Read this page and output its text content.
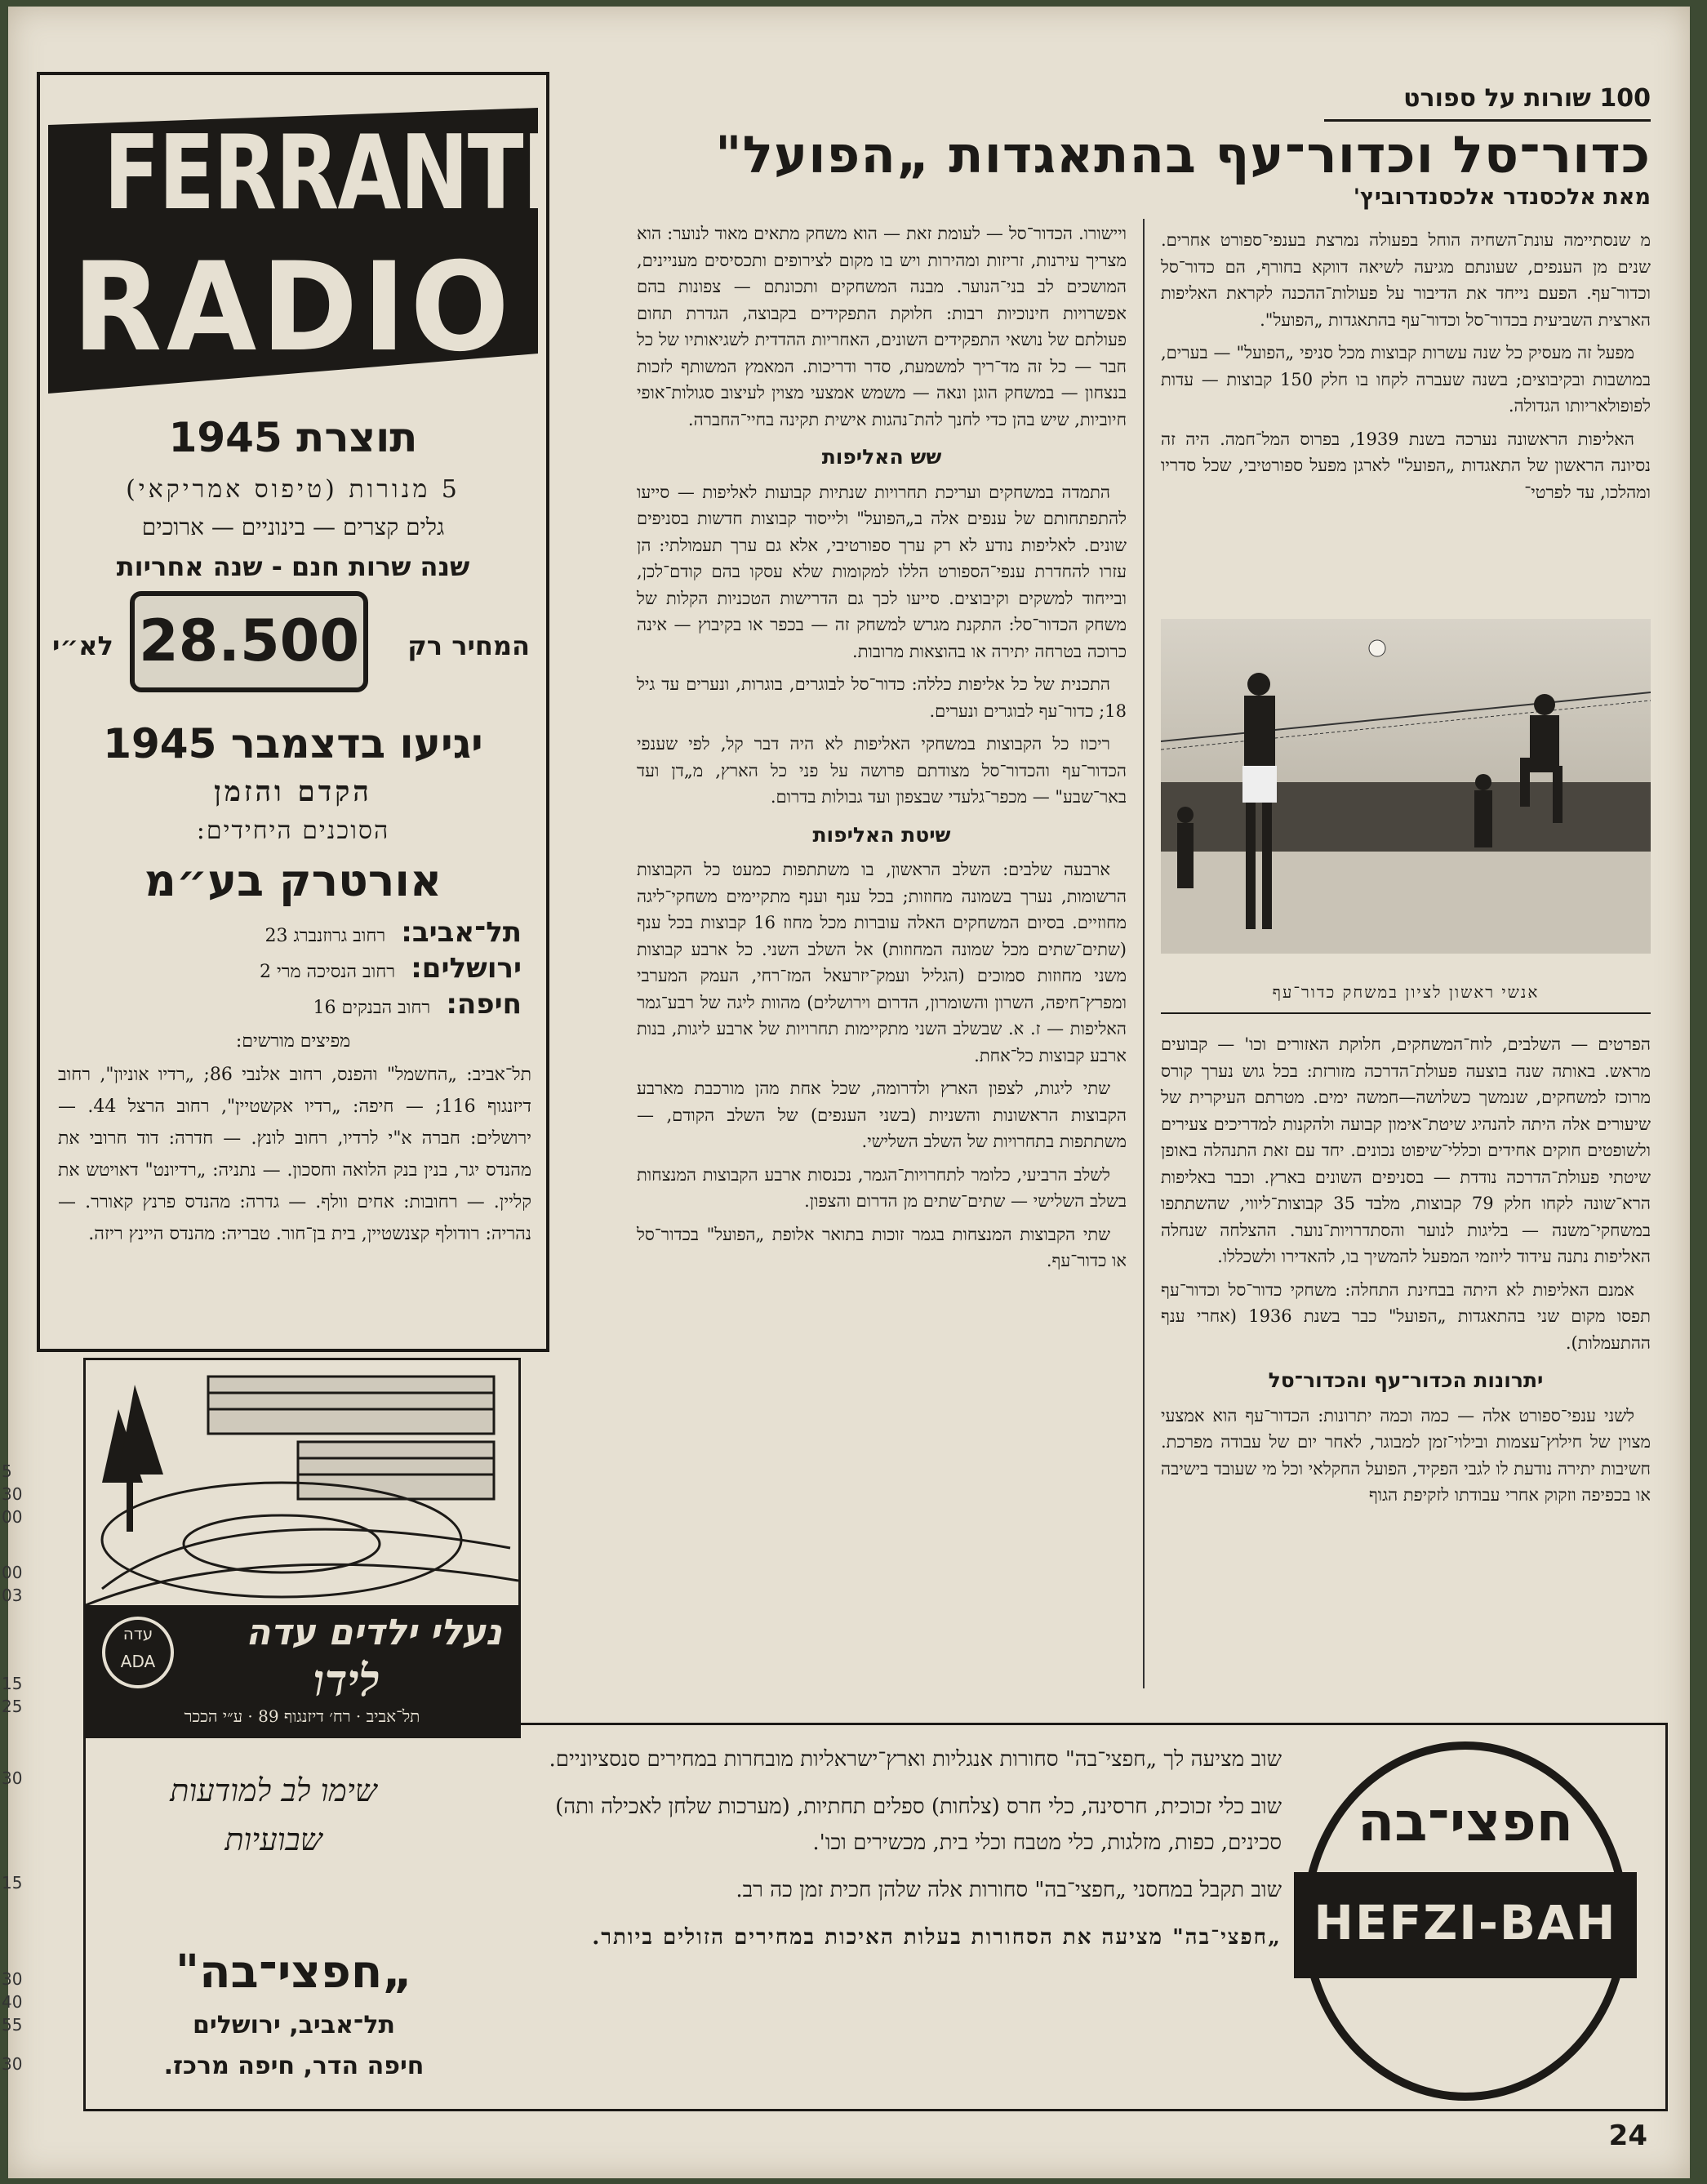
5
30
00
00
03
15
25
30
15
30
40
55
30
100 שורות על ספורט
כדור־סל וכדור־עף בהתאגדות „הפועל"
מאת אלכסנדר אלכסנדרוביץ'

מ שנסתיימה עונת־השחיה הוחל בפעולה נמרצת בענפי־ספורט אחרים. שנים מן הענפים, שעונתם מגיעה לשיאה דווקא בחורף, הם כדור־סל וכדור־עף. הפעם נייחד את הדיבור על פעולות־ההכנה לקראת האליפות הארצית השביעית בכדור־סל וכדור־עף בהתאגדות „הפועל".

מפעל זה מעסיק כל שנה עשרות קבוצות מכל סניפי „הפועל" — בערים, במושבות ובקיבוצים; בשנה שעברה לקחו בו חלק 150 קבוצות — עדות לפופולאריותו הגדולה.

האליפות הראשונה נערכה בשנת 1939, בפרוס המל־חמה. היה זה נסיונה הראשון של התאגדות „הפועל" לארגן מפעל ספורטיבי, שכל סדריו ומהלכו, עד לפרטי־

אנשי ראשון לציון במשחק כדור־עף

הפרטים — השלבים, לוח־המשחקים, חלוקת האזורים וכו' — קבועים מראש. באותה שנה בוצעה פעולת־הדרכה מזורזת: בכל גוש נערך קורס מרוכז למשחקים, שנמשך כשלושה—חמשה ימים. מטרתם העיקרית של שיעורים אלה היתה להנהיג שיטת־אימון קבועה ולהקנות למדריכים צעירים ולשופטים חוקים אחידים וכללי־שיפוט נכונים. יחד עם זאת התנהלה באופן שיטתי פעולת־הדרכה נודדת — בסניפים השונים בארץ. וכבר באליפות הרא־שונה לקחו חלק 79 קבוצות, מלבד 35 קבוצות־ליווי, שהשתתפו במשחקי־משנה — בליגות לנוער והסתדרויות־נוער. ההצלחה שנחלה האליפות נתנה עידוד ליוזמי המפעל להמשיך בו, להאדירו ולשכללו.

אמנם האליפות לא היתה בבחינת התחלה: משחקי כדור־סל וכדור־עף תפסו מקום שני בהתאגדות „הפועל" כבר בשנת 1936 (אחרי ענף ההתעמלות).

יתרונות הכדור־עף והכדור־סל

לשני ענפי־ספורט אלה — כמה וכמה יתרונות: הכדור־עף הוא אמצעי מצוין של חילוץ־עצמות ובילוי־זמן למבוגר, לאחר יום של עבודה מפרכת. חשיבות יתירה נודעת לו לגבי הפקיד, הפועל החקלאי וכל מי שעובד בישיבה או בכפיפה וזקוק אחרי עבודתו לזקיפת הגוף

ויישורו. הכדור־סל — לעומת זאת — הוא משחק מתאים מאוד לנוער: הוא מצריך עירנות, זריזות ומהירות ויש בו מקום לצירופים ותכסיסים מעניינים, המושכים לב בני־הנוער. מבנה המשחקים ותכונתם — צפונות בהם אפשרויות חינוכיות רבות: חלוקת התפקידים בקבוצה, הגדרת תחום פעולתם של נושאי התפקידים השונים, האחריות ההדדית לשגיאותיו של כל חבר — כל זה מד־ריך למשמעת, סדר ודריכות. המאמץ המשותף לזכות בנצחון — במשחק הוגן ונאה — משמש אמצעי מצוין לעיצוב סגולות־אופי חיוביות, שיש בהן כדי לחנך להת־נהגות אישית תקינה בחיי־החברה.

שש האליפות

התמדה במשחקים ועריכת תחרויות שנתיות קבועות לאליפות — סייעו להתפתחותם של ענפים אלה ב„הפועל" ולייסוד קבוצות חדשות בסניפים שונים. לאליפות נודע לא רק ערך ספורטיבי, אלא גם ערך תעמולתי: הן עזרו להחדרת ענפי־הספורט הללו למקומות שלא עסקו בהם קודם־לכן, ובייחוד למשקים וקיבוצים. סייעו לכך גם הדרישות הטכניות הקלות של משחק הכדור־סל: התקנת מגרש למשחק זה — בכפר או בקיבוץ — אינה כרוכה בטרחה יתירה או בהוצאות מרובות.

התכנית של כל אליפות כללה: כדור־סל לבוגרים, בוגרות, ונערים עד גיל 18; כדור־עף לבוגרים ונערים.

ריכוז כל הקבוצות במשחקי האליפות לא היה דבר קל, לפי שענפי הכדור־עף והכדור־סל מצודתם פרושה על פני כל הארץ, מ„דן ועד באר־שבע" — מכפר־גלעדי שבצפון ועד גבולות בדרום.

שיטת האליפות

ארבעה שלבים: השלב הראשון, בו משתתפות כמעט כל הקבוצות הרשומות, נערך בשמונה מחוזות; בכל ענף וענף מתקיימים משחקי־ליגה מחוזיים. בסיום המשחקים האלה עוברות מכל מחוז 16 קבוצות בכל ענף (שתים־שתים מכל שמונה המחוזות) אל השלב השני. כל ארבע קבוצות משני מחוזות סמוכים (הגליל ועמק־יזרעאל המז־רחי, העמק המערבי ומפרץ־חיפה, השרון והשומרון, הדרום וירושלים) מהוות ליגה של רבע־גמר האליפות — ז. א. שבשלב השני מתקיימות תחרויות של ארבע ליגות, בנות ארבע קבוצות כל־אחת.

שתי ליגות, לצפון הארץ ולדרומה, שכל אחת מהן מורכבת מארבע הקבוצות הראשונות והשניות (בשני הענפים) של השלב הקודם, — משתתפות בתחרויות של השלב השלישי.

לשלב הרביעי, כלומר לתחרויות־הגמר, נכנסות ארבע הקבוצות המנצחות בשלב השלישי — שתים־שתים מן הדרום והצפון.

שתי הקבוצות המנצחות בגמר זוכות בתואר אלופת „הפועל" בכדור־סל או כדור־עף.

FERRANTI
RADIO
תוצרת 1945
5 מנורות (טיפוס אמריקאי)
גלים קצרים — בינוניים — ארוכים
שנה שרות חנם - שנה אחריות
המחיר רק
28.500
לא״י
יגיעו בדצמבר 1945
הקדם והזמן
הסוכנים היחידים:
אורטרק בע״מ
תל־אביב: רחוב גרוזנברג 23
ירושלים: רחוב הנסיכה מרי 2
חיפה: רחוב הבנקים 16
מפיצים מורשים:
תל־אביב: „החשמל" והפנס, רחוב אלנבי 86; „רדיו אוניון", רחוב דיזנגוף 116; — חיפה: „רדיו אקשטיין", רחוב הרצל 44. — ירושלים: חברה א"י לרדיו, רחוב לונץ. — חדרה: דוד חרובי את מהנדס יגר, בנין בנק הלואה וחסכון. — נתניה: „רדיונט" דאויטש את קליין. — רחובות: אחים וולף. — גדרה: מהנדס פרנץ קאורר. — נהריה: רודולף קצנשטיין, בית בן־חור. טבריה: מהנדס היינץ ריזה.
עדה ADA
נעלי ילדים עדה
לידו
תל־אביב · רח׳ דיזנגוף 89 · ע״י הככר
חפצי־בה
HEFZI-BAH
שוב מציעה לך „חפצי־בה" סחורות אנגליות וארץ־ישראליות מובחרות במחירים סנסציוניים.
שוב כלי זכוכית, חרסינה, כלי חרס (צלחות) ספלים תחתיות, (מערכות שלחן לאכילה ותה) סכינים, כפות, מזלגות, כלי מטבח וכלי בית, מכשירים וכו'.
שוב תקבל במחסני „חפצי־בה" סחורות אלה שלהן חכית זמן כה רב.
„חפצי־בה" מציעה את הסחורות בעלות האיכות במחירים הזולים ביותר.
שימו לב למודעות שבועיות
„חפצי־בה"
תל־אביב, ירושלים
חיפה הדר, חיפה מרכז.
24
